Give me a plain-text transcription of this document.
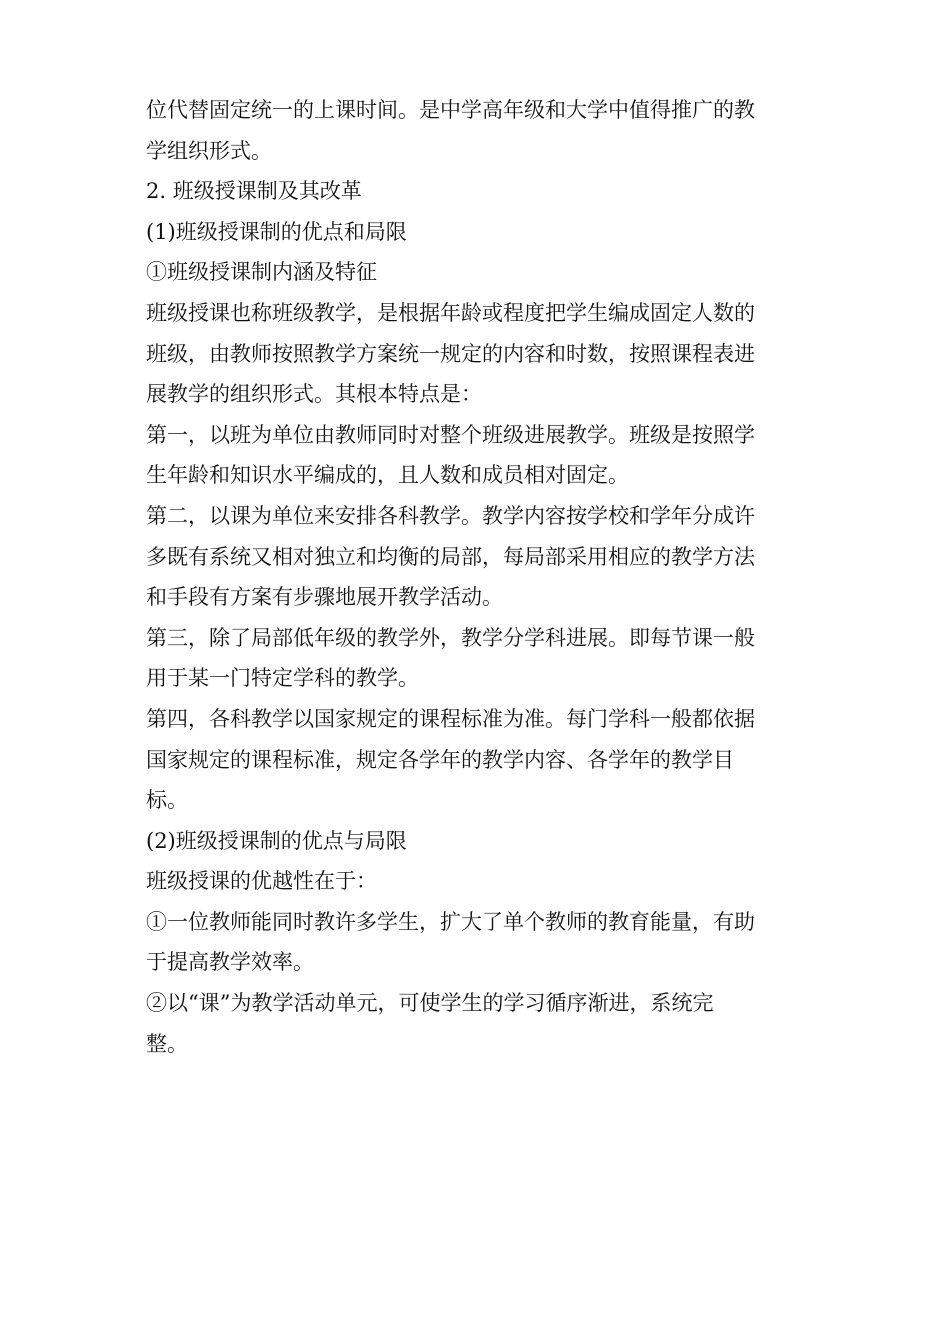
位代替固定统一的上课时间。是中学高年级和大学中值得推广的教
学组织形式。
2. 班级授课制及其改革
(1)班级授课制的优点和局限
①班级授课制内涵及特征
班级授课也称班级教学，是根据年龄或程度把学生编成固定人数的
班级，由教师按照教学方案统一规定的内容和时数，按照课程表进
展教学的组织形式。其根本特点是：
第一，以班为单位由教师同时对整个班级进展教学。班级是按照学
生年龄和知识水平编成的，且人数和成员相对固定。
第二，以课为单位来安排各科教学。教学内容按学校和学年分成许
多既有系统又相对独立和均衡的局部，每局部采用相应的教学方法
和手段有方案有步骤地展开教学活动。
第三，除了局部低年级的教学外，教学分学科进展。即每节课一般
用于某一门特定学科的教学。
第四，各科教学以国家规定的课程标准为准。每门学科一般都依据
国家规定的课程标准，规定各学年的教学内容、各学年的教学目
标。
(2)班级授课制的优点与局限
班级授课的优越性在于：
①一位教师能同时教许多学生，扩大了单个教师的教育能量，有助
于提高教学效率。
②以“课”为教学活动单元，可使学生的学习循序渐进，系统完
整。
